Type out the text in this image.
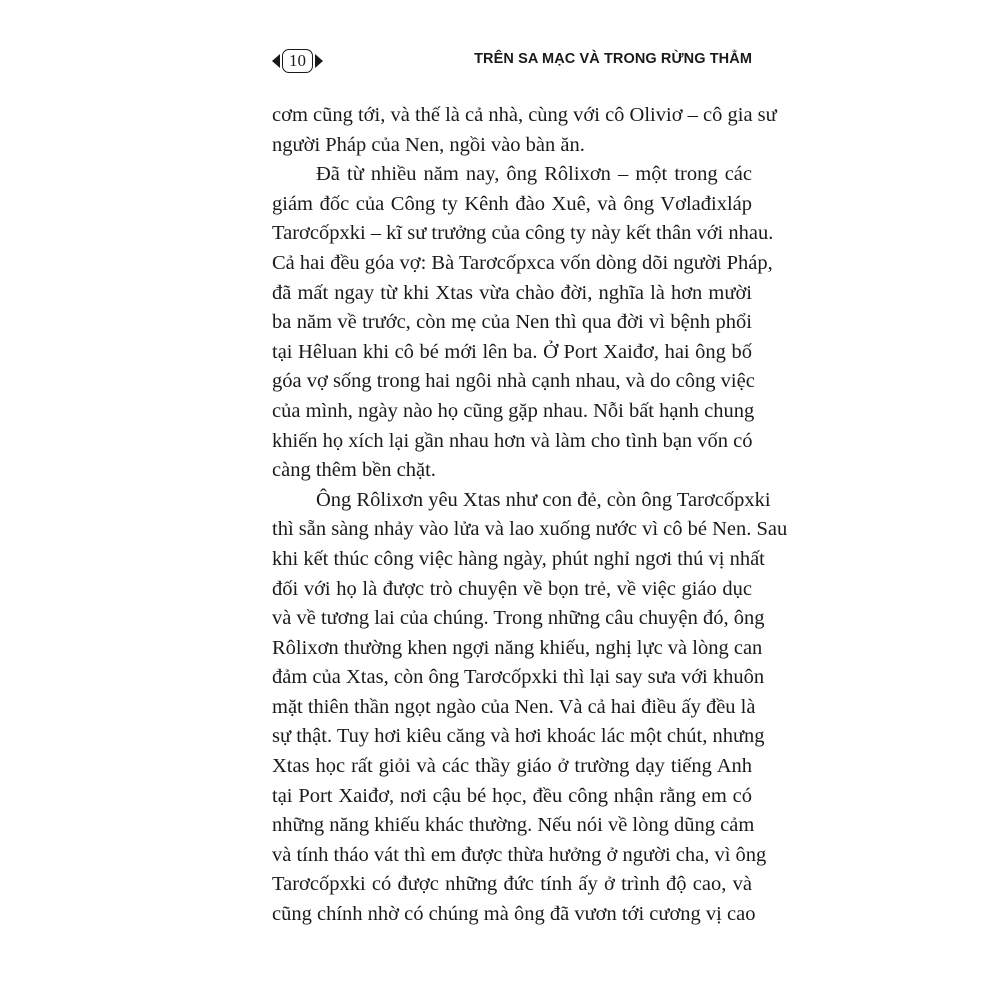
10	TRÊN SA MẠC VÀ TRONG RỪNG THẲM
cơm cũng tới, và thế là cả nhà, cùng với cô Oliviơ – cô gia sư
người Pháp của Nen, ngồi vào bàn ăn.
Đã từ nhiều năm nay, ông Rôlixơn – một trong các
giám đốc của Công ty Kênh đào Xuê, và ông Vơlađixláp
Tarơcốpxki – kĩ sư trưởng của công ty này kết thân với nhau.
Cả hai đều góa vợ: Bà Tarơcốpxca vốn dòng dõi người Pháp,
đã mất ngay từ khi Xtas vừa chào đời, nghĩa là hơn mười
ba năm về trước, còn mẹ của Nen thì qua đời vì bệnh phổi
tại Hêluan khi cô bé mới lên ba. Ở Port Xaiđơ, hai ông bố
góa vợ sống trong hai ngôi nhà cạnh nhau, và do công việc
của mình, ngày nào họ cũng gặp nhau. Nỗi bất hạnh chung
khiến họ xích lại gần nhau hơn và làm cho tình bạn vốn có
càng thêm bền chặt.
Ông Rôlixơn yêu Xtas như con đẻ, còn ông Tarơcốpxki
thì sẵn sàng nhảy vào lửa và lao xuống nước vì cô bé Nen. Sau
khi kết thúc công việc hàng ngày, phút nghỉ ngơi thú vị nhất
đối với họ là được trò chuyện về bọn trẻ, về việc giáo dục
và về tương lai của chúng. Trong những câu chuyện đó, ông
Rôlixơn thường khen ngợi năng khiếu, nghị lực và lòng can
đảm của Xtas, còn ông Tarơcốpxki thì lại say sưa với khuôn
mặt thiên thần ngọt ngào của Nen. Và cả hai điều ấy đều là
sự thật. Tuy hơi kiêu căng và hơi khoác lác một chút, nhưng
Xtas học rất giỏi và các thầy giáo ở trường dạy tiếng Anh
tại Port Xaiđơ, nơi cậu bé học, đều công nhận rằng em có
những năng khiếu khác thường. Nếu nói về lòng dũng cảm
và tính tháo vát thì em được thừa hưởng ở người cha, vì ông
Tarơcốpxki có được những đức tính ấy ở trình độ cao, và
cũng chính nhờ có chúng mà ông đã vươn tới cương vị cao
